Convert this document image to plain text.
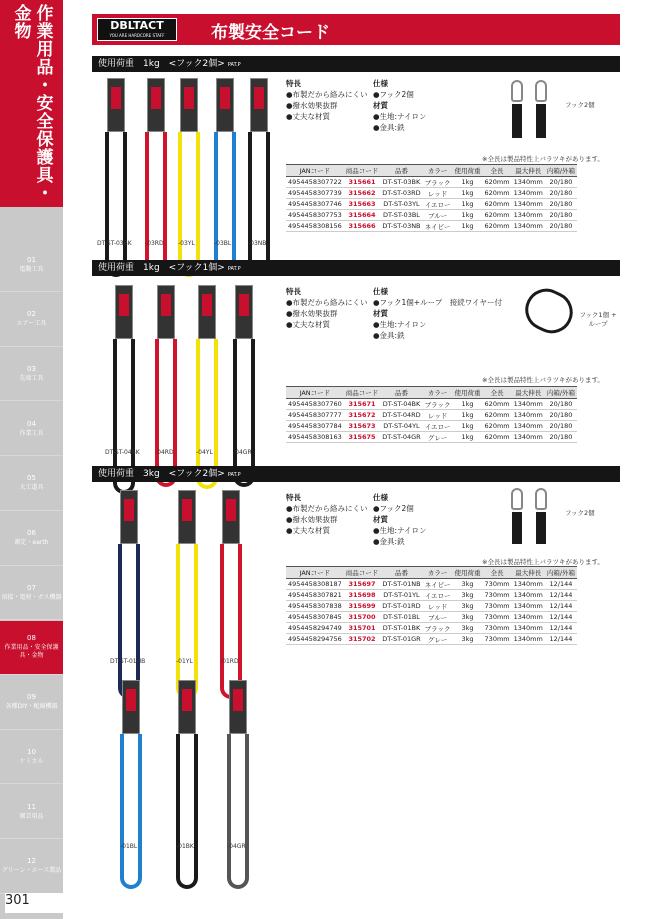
作業用品・安全保護具・金物
01
電動工具
02
エアー工具
03
先端工具
04
作業工具
05
大工道具
06
測定・earth
07
溶接・電材・ガス機器
08
作業用品・安全保護具・金物
09
各種DIY・配線機器
10
ケミカル
11
園芸用品
12
グリーン・エース製品
301
DBLTACT
YOU ARE HARDCORE STAFF	布製安全コード
使用荷重　1kg　<フック2個> PAT.P
DT-ST-03BK -03RD -03YL	-03BL	-03NB
特長
●布製だから絡みにくい
●撥水効果抜群
●丈夫な材質
仕様
●フック2個
材質
●生地:ナイロン
●金具:鉄
フック2個
※全長は製品特性上バラツキがあります。
JANコード	商品コード	品番	カラー	使用荷重	全長	最大伸長	内箱/外箱
4954458307722	315661	DT-ST-03BK	ブラック	1kg	620mm	1340mm	20/180
4954458307739	315662	DT-ST-03RD	レッド	1kg	620mm	1340mm	20/180
4954458307746	315663	DT-ST-03YL	イエロー	1kg	620mm	1340mm	20/180
4954458307753	315664	DT-ST-03BL	ブルー	1kg	620mm	1340mm	20/180
4954458308156	315666	DT-ST-03NB	ネイビー	1kg	620mm	1340mm	20/180
使用荷重　1kg　<フック1個> PAT.P
DT-ST-04BK	-04RD	-04YL	-04GR
特長
●布製だから絡みにくい
●撥水効果抜群
●丈夫な材質
仕様
●フック1個+ループ　接続ワイヤー付
材質
●生地:ナイロン
●金具:鉄
フック1個 + ループ
※全長は製品特性上バラツキがあります。
JANコード	商品コード	品番	カラー	使用荷重	全長	最大伸長	内箱/外箱
4954458307760	315671	DT-ST-04BK	ブラック	1kg	620mm	1340mm	20/180
4954458307777	315672	DT-ST-04RD	レッド	1kg	620mm	1340mm	20/180
4954458307784	315673	DT-ST-04YL	イエロー	1kg	620mm	1340mm	20/180
4954458308163	315675	DT-ST-04GR	グレー	1kg	620mm	1340mm	20/180
使用荷重　3kg　<フック2個> PAT.P
DT-ST-01NB	-01YL	-01RD
-01BL	-01BK	-04GR
特長
●布製だから絡みにくい
●撥水効果抜群
●丈夫な材質
仕様
●フック2個
材質
●生地:ナイロン
●金具:鉄
フック2個
※全長は製品特性上バラツキがあります。
JANコード	商品コード	品番	カラー	使用荷重	全長	最大伸長	内箱/外箱
4954458308187	315697	DT-ST-01NB	ネイビー	3kg	730mm	1340mm	12/144
4954458307821	315698	DT-ST-01YL	イエロー	3kg	730mm	1340mm	12/144
4954458307838	315699	DT-ST-01RD	レッド	3kg	730mm	1340mm	12/144
4954458307845	315700	DT-ST-01BL	ブルー	3kg	730mm	1340mm	12/144
4954458294749	315701	DT-ST-01BK	ブラック	3kg	730mm	1340mm	12/144
4954458294756	315702	DT-ST-01GR	グレー	3kg	730mm	1340mm	12/144
